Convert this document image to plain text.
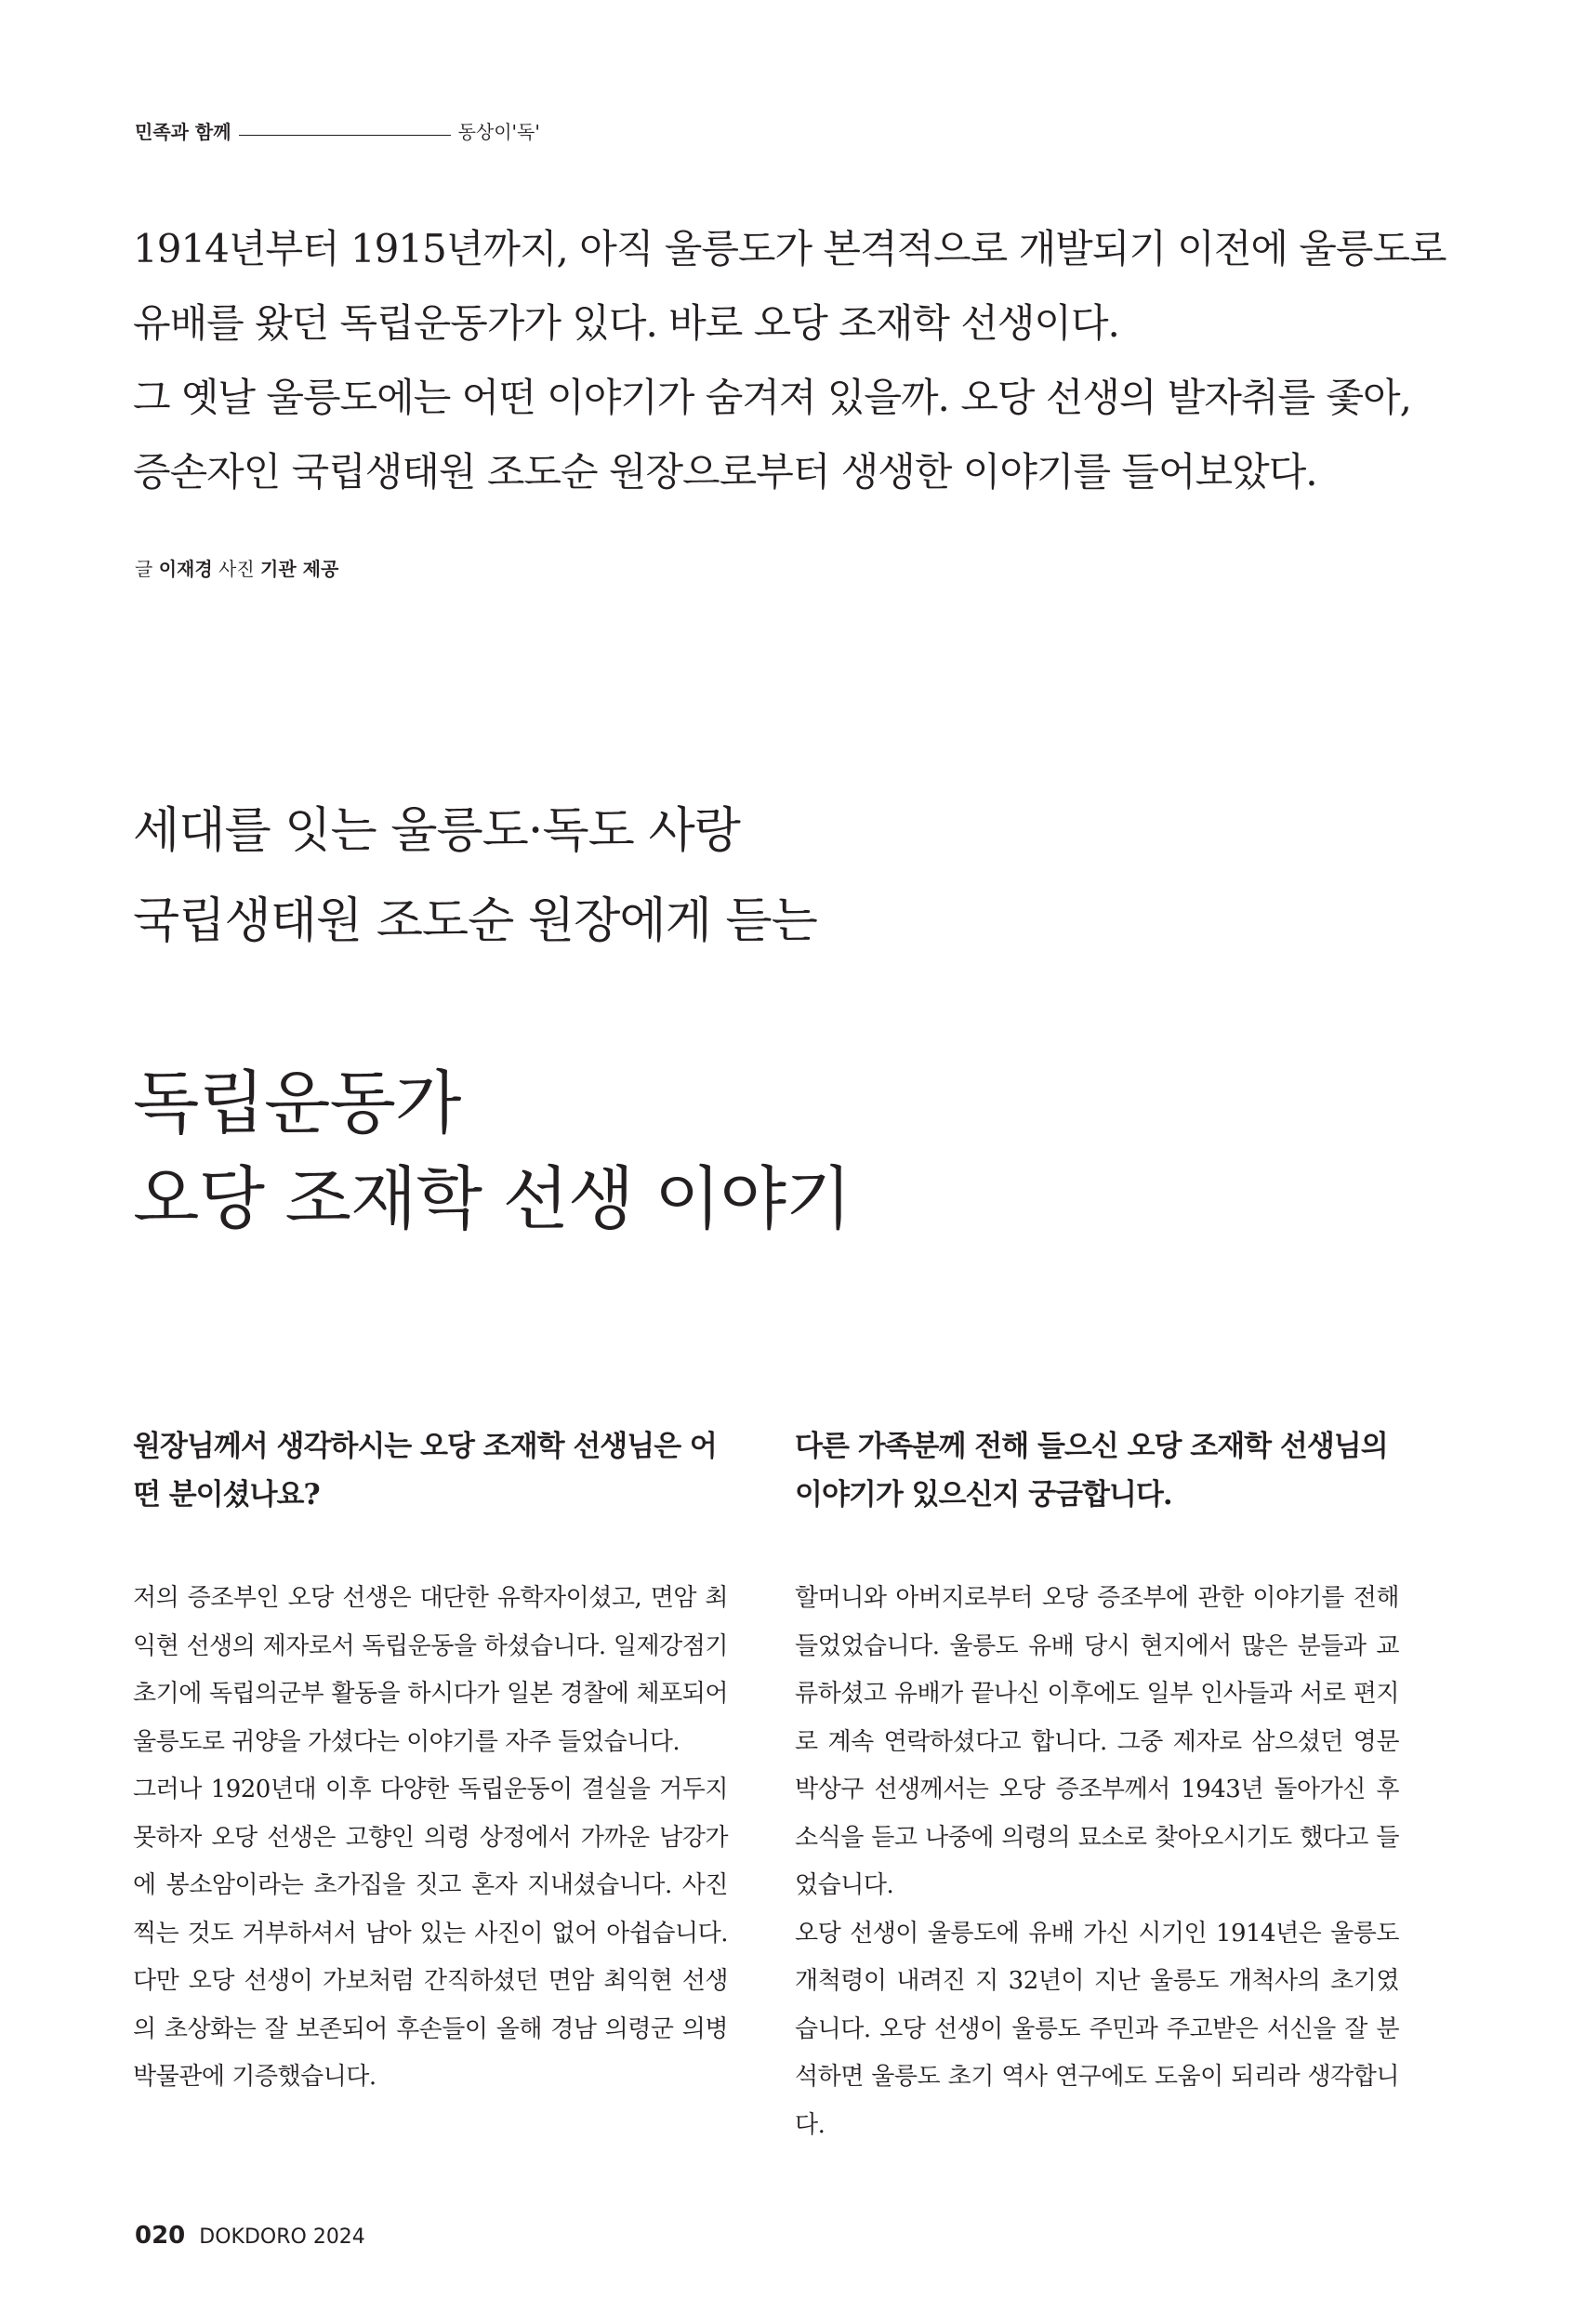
민족과 함께	동상이'독'

1914년부터 1915년까지, 아직 울릉도가 본격적으로 개발되기 이전에 울릉도로

유배를 왔던 독립운동가가 있다. 바로 오당 조재학 선생이다.

그 옛날 울릉도에는 어떤 이야기가 숨겨져 있을까. 오당 선생의 발자취를 좇아,

증손자인 국립생태원 조도순 원장으로부터 생생한 이야기를 들어보았다.

글 이재경 사진 기관 제공
세대를 잇는 울릉도·독도 사랑
국립생태원 조도순 원장에게 듣는
독립운동가
오당 조재학 선생 이야기
원장님께서 생각하시는 오당 조재학 선생님은 어떤 분이셨나요?

저의 증조부인 오당 선생은 대단한 유학자이셨고, 면암 최익현 선생의 제자로서 독립운동을 하셨습니다. 일제강점기 초기에 독립의군부 활동을 하시다가 일본 경찰에 체포되어 울릉도로 귀양을 가셨다는 이야기를 자주 들었습니다.

그러나 1920년대 이후 다양한 독립운동이 결실을 거두지 못하자 오당 선생은 고향인 의령 상정에서 가까운 남강가에 봉소암이라는 초가집을 짓고 혼자 지내셨습니다. 사진 찍는 것도 거부하셔서 남아 있는 사진이 없어 아쉽습니다. 다만 오당 선생이 가보처럼 간직하셨던 면암 최익현 선생의 초상화는 잘 보존되어 후손들이 올해 경남 의령군 의병박물관에 기증했습니다.

다른 가족분께 전해 들으신 오당 조재학 선생님의 이야기가 있으신지 궁금합니다.

할머니와 아버지로부터 오당 증조부에 관한 이야기를 전해 들었었습니다. 울릉도 유배 당시 현지에서 많은 분들과 교류하셨고 유배가 끝나신 이후에도 일부 인사들과 서로 편지로 계속 연락하셨다고 합니다. 그중 제자로 삼으셨던 영문 박상구 선생께서는 오당 증조부께서 1943년 돌아가신 후 소식을 듣고 나중에 의령의 묘소로 찾아오시기도 했다고 들었습니다.

오당 선생이 울릉도에 유배 가신 시기인 1914년은 울릉도 개척령이 내려진 지 32년이 지난 울릉도 개척사의 초기였습니다. 오당 선생이 울릉도 주민과 주고받은 서신을 잘 분석하면 울릉도 초기 역사 연구에도 도움이 되리라 생각합니다.

020 DOKDORO 2024
